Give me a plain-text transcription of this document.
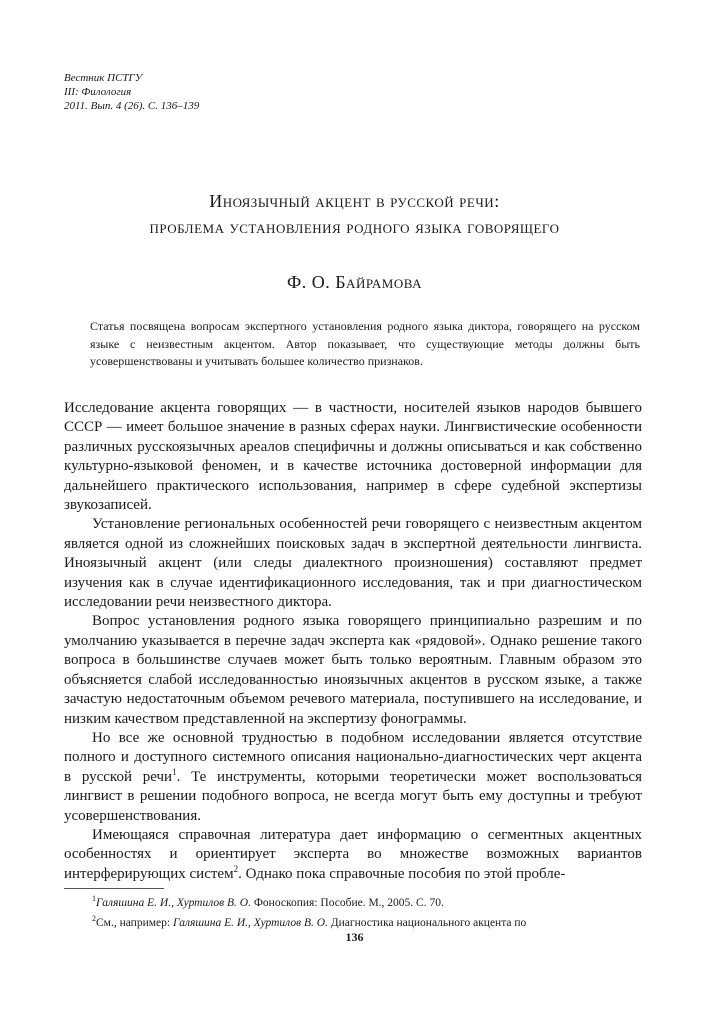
Вестник ПСТГУ
III: Филология
2011. Вып. 4 (26). С. 136–139
Иноязычный акцент в русской речи:
проблема установления родного языка говорящего
Ф. О. Байрамова
Статья посвящена вопросам экспертного установления родного языка диктора, говорящего на русском языке с неизвестным акцентом. Автор показывает, что существующие методы должны быть усовершенствованы и учитывать большее количество признаков.

Исследование акцента говорящих — в частности, носителей языков народов бывшего СССР — имеет большое значение в разных сферах науки. Лингвистические особенности различных русскоязычных ареалов специфичны и должны описываться и как собственно культурно-языковой феномен, и в качестве источника достоверной информации для дальнейшего практического использования, например в сфере судебной экспертизы звукозаписей.

Установление региональных особенностей речи говорящего с неизвестным акцентом является одной из сложнейших поисковых задач в экспертной деятельности лингвиста. Иноязычный акцент (или следы диалектного произношения) составляют предмет изучения как в случае идентификационного исследования, так и при диагностическом исследовании речи неизвестного диктора.

Вопрос установления родного языка говорящего принципиально разрешим и по умолчанию указывается в перечне задач эксперта как «рядовой». Однако решение такого вопроса в большинстве случаев может быть только вероятным. Главным образом это объясняется слабой исследованностью иноязычных акцентов в русском языке, а также зачастую недостаточным объемом речевого материала, поступившего на исследование, и низким качеством представленной на экспертизу фонограммы.

Но все же основной трудностью в подобном исследовании является отсутствие полного и доступного системного описания национально-диагностических черт акцента в русской речи$^1$. Те инструменты, которыми теоретически может воспользоваться лингвист в решении подобного вопроса, не всегда могут быть ему доступны и требуют усовершенствования.

Имеющаяся справочная литература дает информацию о сегментных акцентных особенностях и ориентирует эксперта во множестве возможных вариантов интерферирующих систем$^2$. Однако пока справочные пособия по этой пробле-

$^1$Галяшина Е. И., Хуртилов В. О. Фоноскопия: Пособие. М., 2005. С. 70.
$^2$См., например: Галяшина Е. И., Хуртилов В. О. Диагностика национального акцента по
136
